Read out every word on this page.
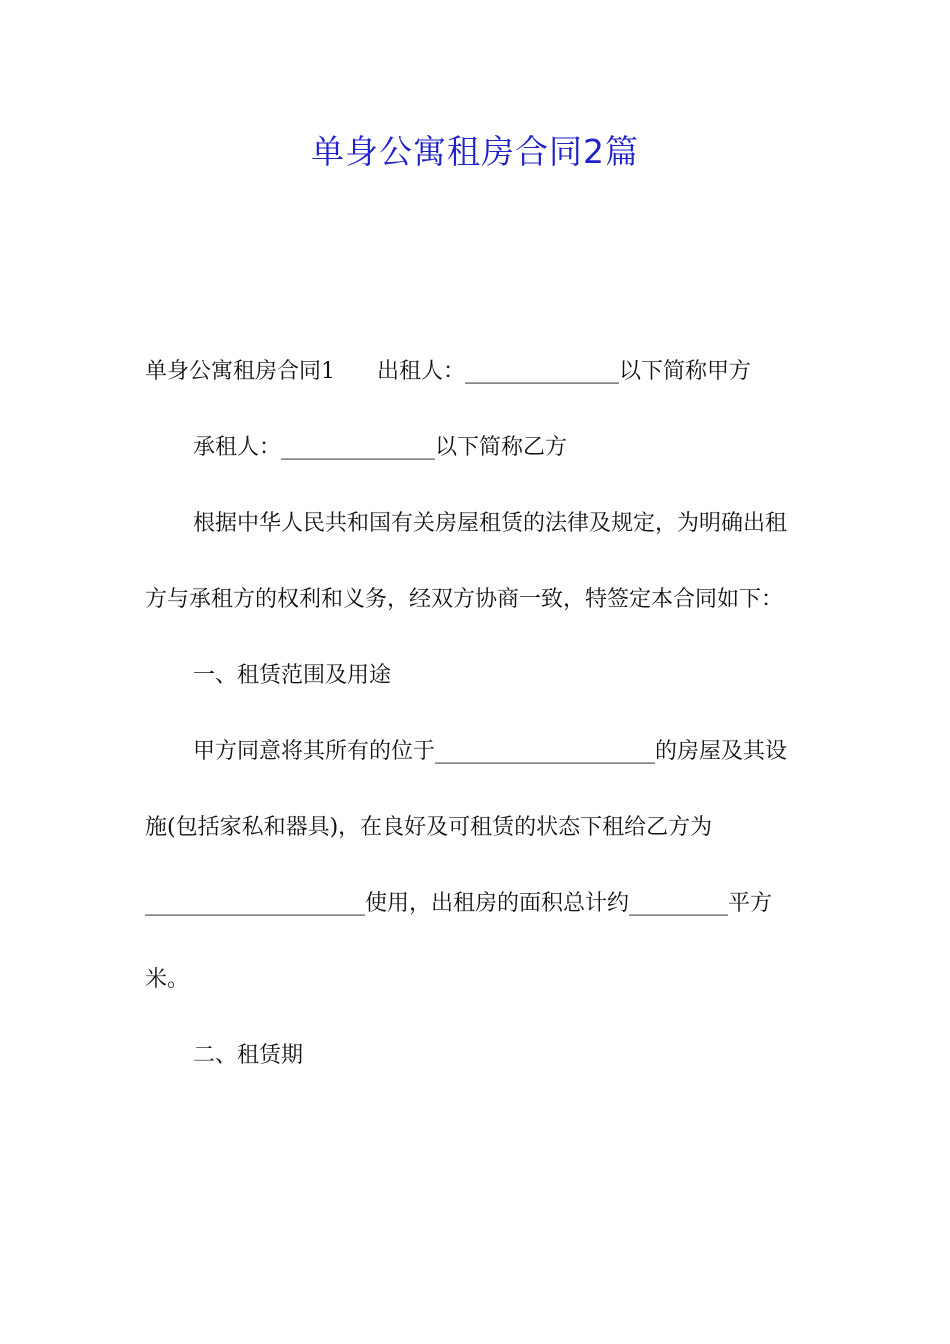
单身公寓租房合同2篇

单身公寓租房合同1 出租人：______________以下简称甲方

承租人：______________以下简称乙方

根据中华人民共和国有关房屋租赁的法律及规定，为明确出租方与承租方的权利和义务，经双方协商一致，特签定本合同如下：

一、租赁范围及用途

甲方同意将其所有的位于____________________的房屋及其设施(包括家私和器具)，在良好及可租赁的状态下租给乙方为____________________使用，出租房的面积总计约_________平方米。

二、租赁期
